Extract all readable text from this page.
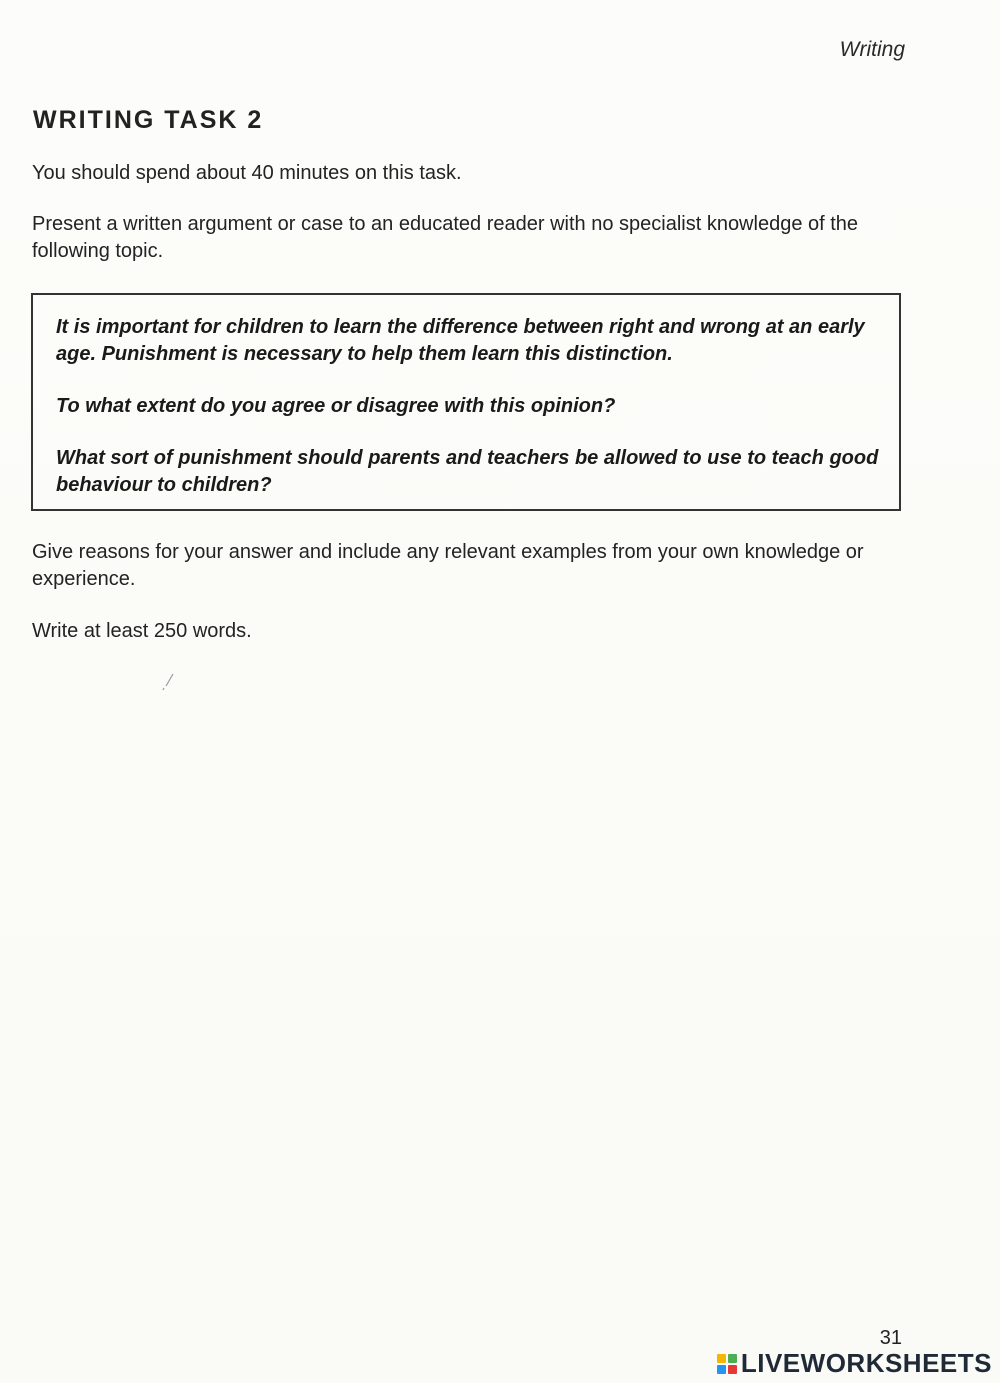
Writing
WRITING TASK 2

You should spend about 40 minutes on this task.

Present a written argument or case to an educated reader with no specialist knowledge of the following topic.

It is important for children to learn the difference between right and wrong at an early age. Punishment is necessary to help them learn this distinction.

To what extent do you agree or disagree with this opinion?

What sort of punishment should parents and teachers be allowed to use to teach good behaviour to children?

Give reasons for your answer and include any relevant examples from your own knowledge or experience.

Write at least 250 words.

31
LIVEWORKSHEETS
